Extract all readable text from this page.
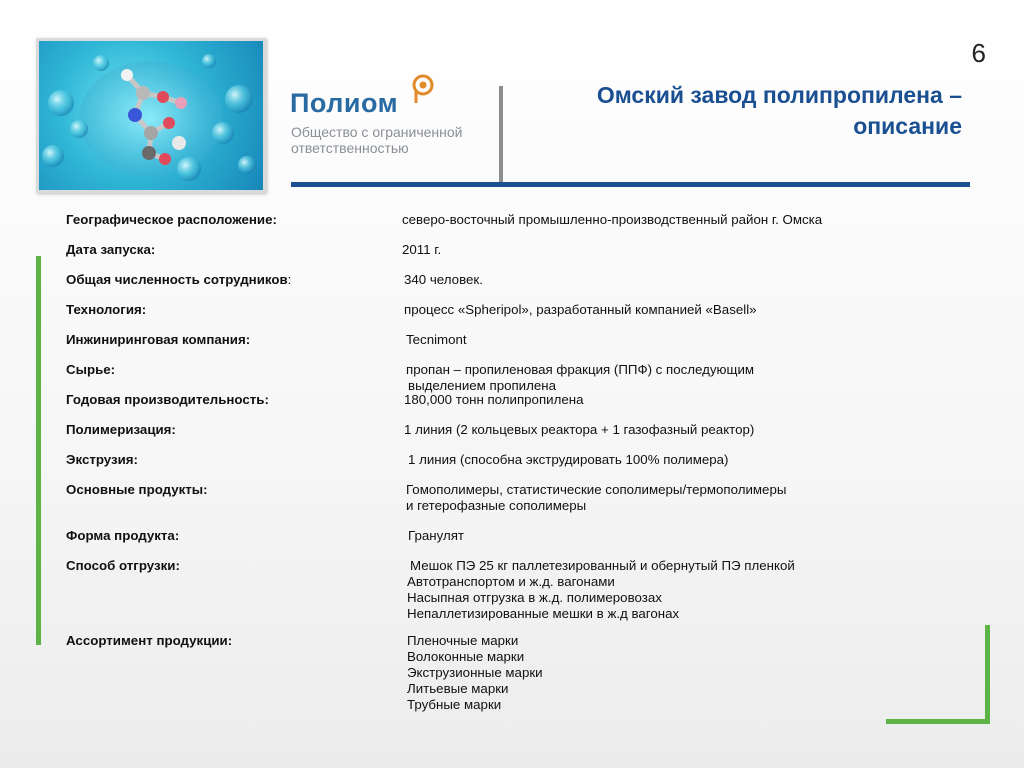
6
Полиом
Общество с ограниченной ответственностью
Омский завод полипропилена – описание
Географическое расположение:	северо-восточный промышленно-производственный район г. Омска
Дата запуска:	2011 г.
Общая численность сотрудников:	340 человек.
Технология:	процесс «Spheripol», разработанный компанией «Basell»
Инжиниринговая компания:	Tecnimont
Сырье:	пропан – пропиленовая фракция (ППФ) с последующим
выделением пропилена
Годовая производительность:	180,000 тонн полипропилена
Полимеризация:	1 линия (2 кольцевых реактора + 1 газофазный реактор)
Экструзия:	1 линия (способна экструдировать 100% полимера)
Основные продукты:	Гомополимеры, статистические сополимеры/термополимеры
и гетерофазные сополимеры
Форма продукта:	Гранулят
Способ отгрузки:	Мешок ПЭ 25 кг паллетезированный и обернутый ПЭ пленкой
Автотранспортом и ж.д. вагонами
Насыпная отгрузка в ж.д. полимеровозах
Непаллетизированные мешки в ж.д вагонах
Ассортимент продукции:	Пленочные марки
Волоконные марки
Экструзионные марки
Литьевые марки
Трубные марки
